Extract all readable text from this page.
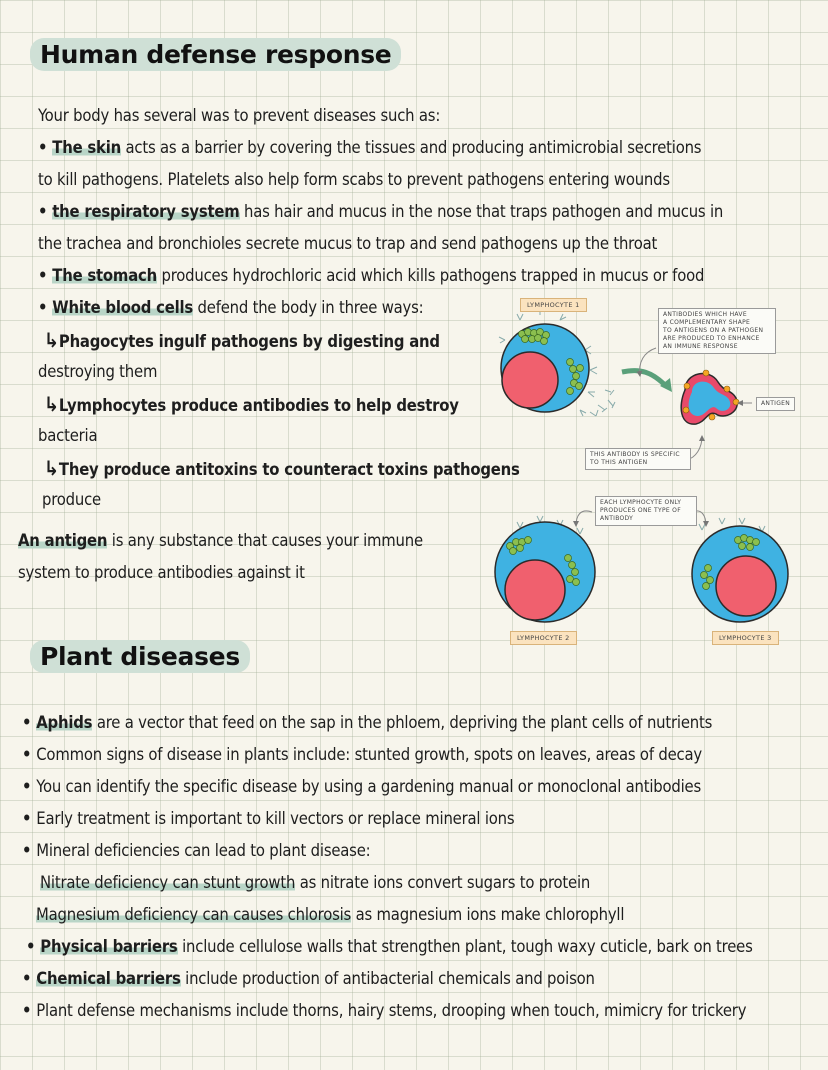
Human defense response
Your body has several was to prevent diseases such as:
• The skin acts as a barrier by covering the tissues and producing antimicrobial secretions
to kill pathogens. Platelets also help form scabs to prevent pathogens entering wounds
• the respiratory system has hair and mucus in the nose that traps pathogen and mucus in
the trachea and bronchioles secrete mucus to trap and send pathogens up the throat
• The stomach produces hydrochloric acid which kills pathogens trapped in mucus or food
• White blood cells defend the body in three ways:
↳Phagocytes ingulf pathogens by digesting and
destroying them
↳Lymphocytes produce antibodies to help destroy
bacteria
↳They produce antitoxins to counteract toxins pathogens
produce
An antigen is any substance that causes your immune
system to produce antibodies against it
LYMPHOCYTE 1
ANTIBODIES WHICH HAVE
A COMPLEMENTARY SHAPE
TO ANTIGENS ON A PATHOGEN
ARE PRODUCED TO ENHANCE
AN IMMUNE RESPONSE
ANTIGEN
THIS ANTIBODY IS SPECIFIC
TO THIS ANTIGEN
EACH LYMPHOCYTE ONLY
PRODUCES ONE TYPE OF
ANTIBODY
LYMPHOCYTE 2	LYMPHOCYTE 3
Plant diseases
• Aphids are a vector that feed on the sap in the phloem, depriving the plant cells of nutrients
• Common signs of disease in plants include: stunted growth, spots on leaves, areas of decay
• You can identify the specific disease by using a gardening manual or monoclonal antibodies
• Early treatment is important to kill vectors or replace mineral ions
• Mineral deficiencies can lead to plant disease:
Nitrate deficiency can stunt growth as nitrate ions convert sugars to protein
Magnesium deficiency can causes chlorosis as magnesium ions make chlorophyll
• Physical barriers include cellulose walls that strengthen plant, tough waxy cuticle, bark on trees
• Chemical barriers include production of antibacterial chemicals and poison
• Plant defense mechanisms include thorns, hairy stems, drooping when touch, mimicry for trickery
